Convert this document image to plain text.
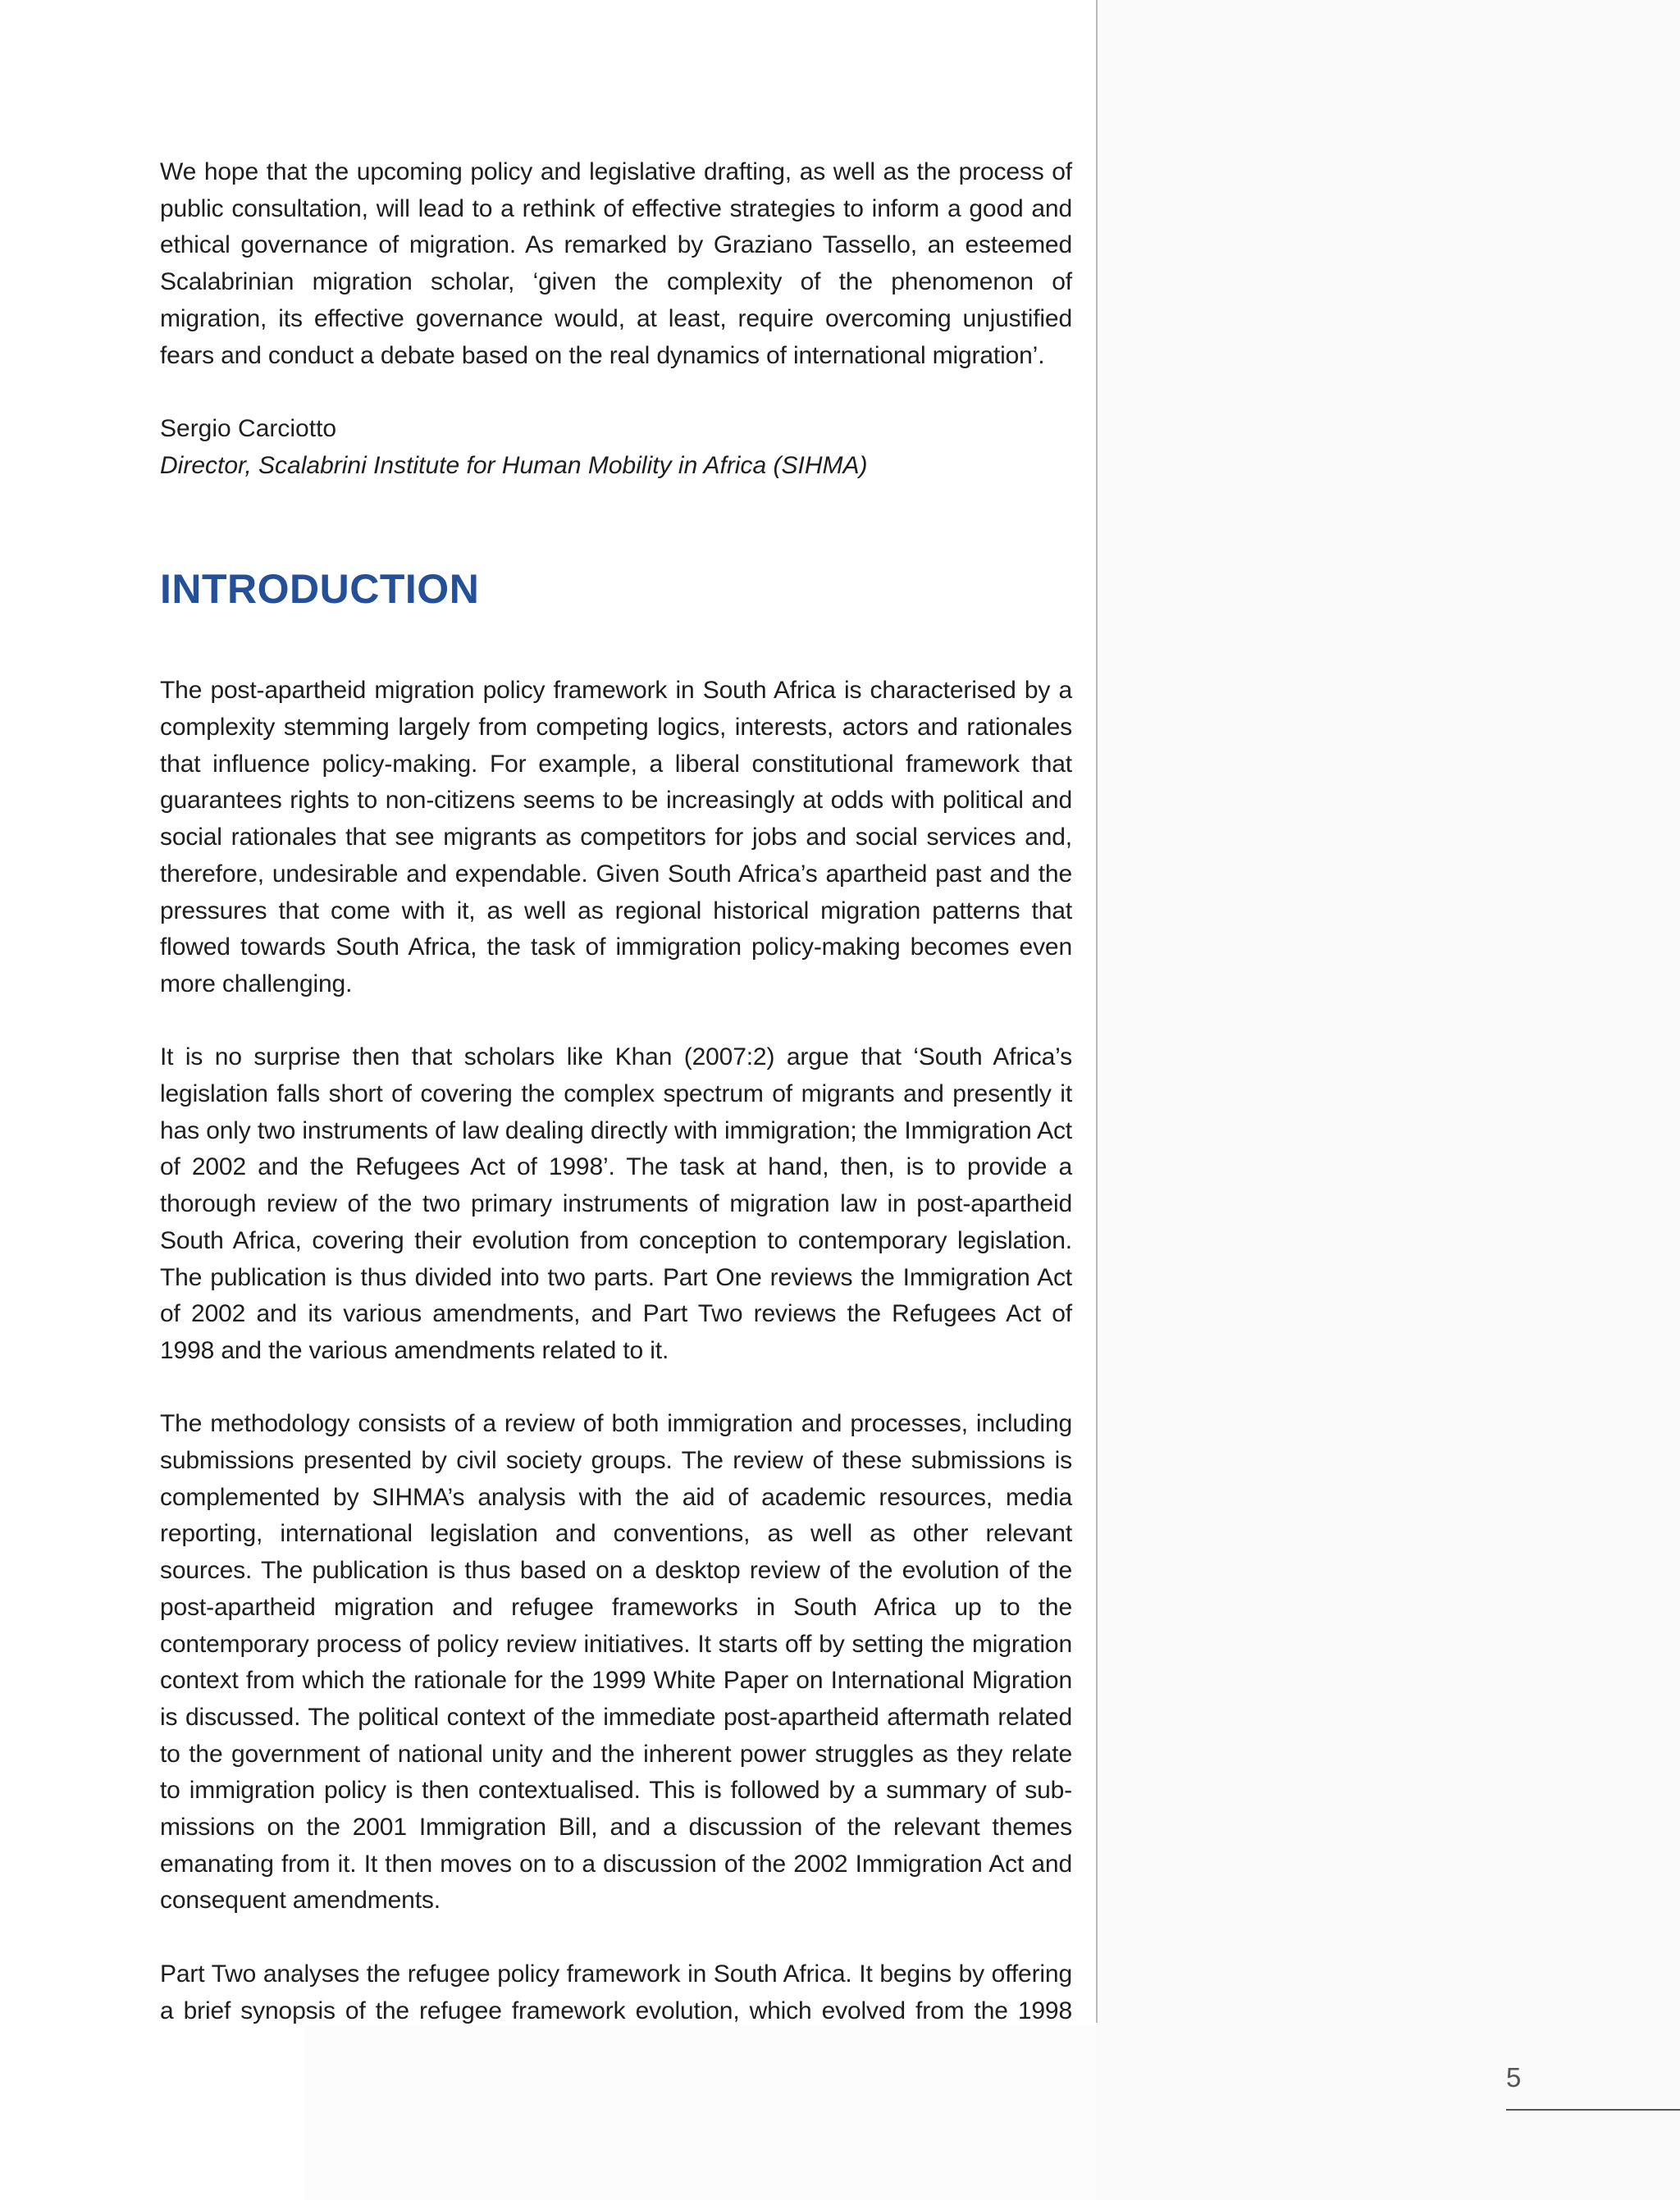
We hope that the upcoming policy and legislative drafting, as well as the process of public consultation, will lead to a rethink of effective strategies to inform a good and ethical governance of migration. As remarked by Graziano Tassello, an esteemed Scalabrinian migration scholar, ‘given the complexity of the phenomenon of migration, its effective governance would, at least, require overcoming unjustified fears and conduct a debate based on the real dynamics of international migration’.

Sergio Carciotto

Director, Scalabrini Institute for Human Mobility in Africa (SIHMA)

INTRODUCTION

The post-apartheid migration policy framework in South Africa is characterised by a complexity stemming largely from competing logics, interests, actors and rationales that influence policy-making. For example, a liberal constitutional framework that guarantees rights to non-citizens seems to be increasingly at odds with political and social rationales that see migrants as competitors for jobs and social services and, therefore, undesirable and expendable. Given South Africa’s apartheid past and the pressures that come with it, as well as regional historical migration patterns that flowed towards South Africa, the task of immigration policy-making becomes even more challenging.

It is no surprise then that scholars like Khan (2007:2) argue that ‘South Africa’s legislation falls short of covering the complex spectrum of migrants and presently it has only two instruments of law dealing directly with immigration; the Immigration Act of 2002 and the Refugees Act of 1998’. The task at hand, then, is to provide a thorough review of the two primary instruments of migration law in post-apartheid South Africa, covering their evolution from conception to contemporary legislation. The publication is thus divided into two parts. Part One reviews the Immigration Act of 2002 and its various amendments, and Part Two reviews the Refugees Act of 1998 and the various amendments related to it.

The methodology consists of a review of both immigration and processes, including submissions presented by civil society groups. The review of these submissions is complemented by SIHMA’s analysis with the aid of academic resources, media reporting, international legislation and conventions, as well as other relevant sources. The publication is thus based on a desktop review of the evolution of the post-apartheid migration and refugee frameworks in South Africa up to the contemporary process of policy review initiatives. It starts off by setting the migration context from which the rationale for the 1999 White Paper on International Migration is discussed. The political context of the immediate post-apartheid aftermath related to the government of national unity and the inherent power struggles as they relate to immigration policy is then contextualised. This is followed by a summary of sub-missions on the 2001 Immigration Bill, and a discussion of the relevant themes emanating from it. It then moves on to a discussion of the 2002 Immigration Act and consequent amendments.

Part Two analyses the refugee policy framework in South Africa. It begins by offering a brief synopsis of the refugee framework evolution, which evolved from the 1998

5
